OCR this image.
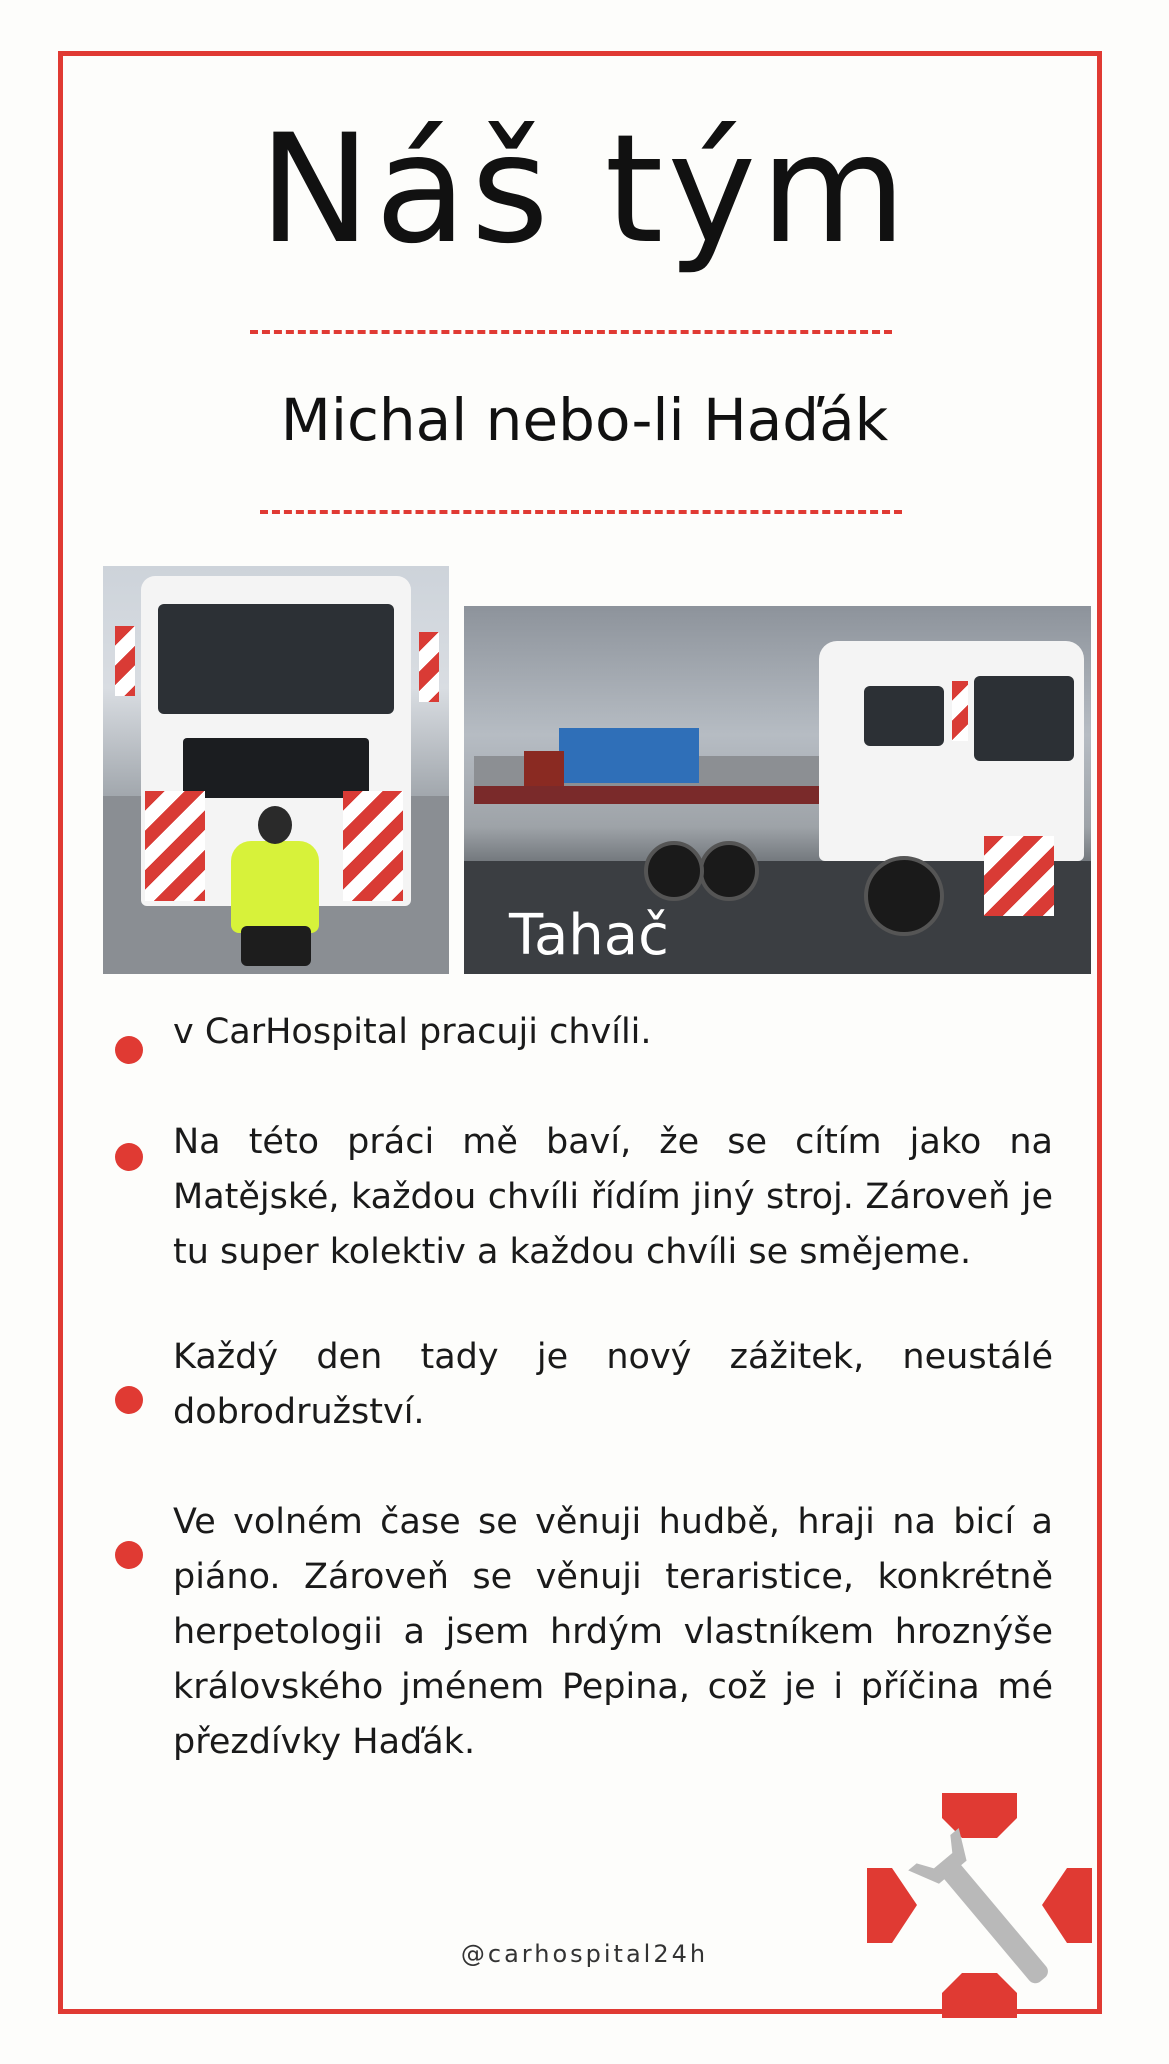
Náš tým
Michal nebo-li Haďák
Tahač
v CarHospital pracuji chvíli.
Na této práci mě baví, že se cítím jako na Matějské, každou chvíli řídím jiný stroj. Zároveň je tu super kolektiv a každou chvíli se smějeme.
Každý den tady je nový zážitek, neustálé dobrodružství.
Ve volném čase se věnuji hudbě, hraji na bicí a piáno. Zároveň se věnuji teraristice, konkrétně herpetologii a jsem hrdým vlastníkem hroznýše královského jménem Pepina, což je i příčina mé přezdívky Haďák.
@carhospital24h
